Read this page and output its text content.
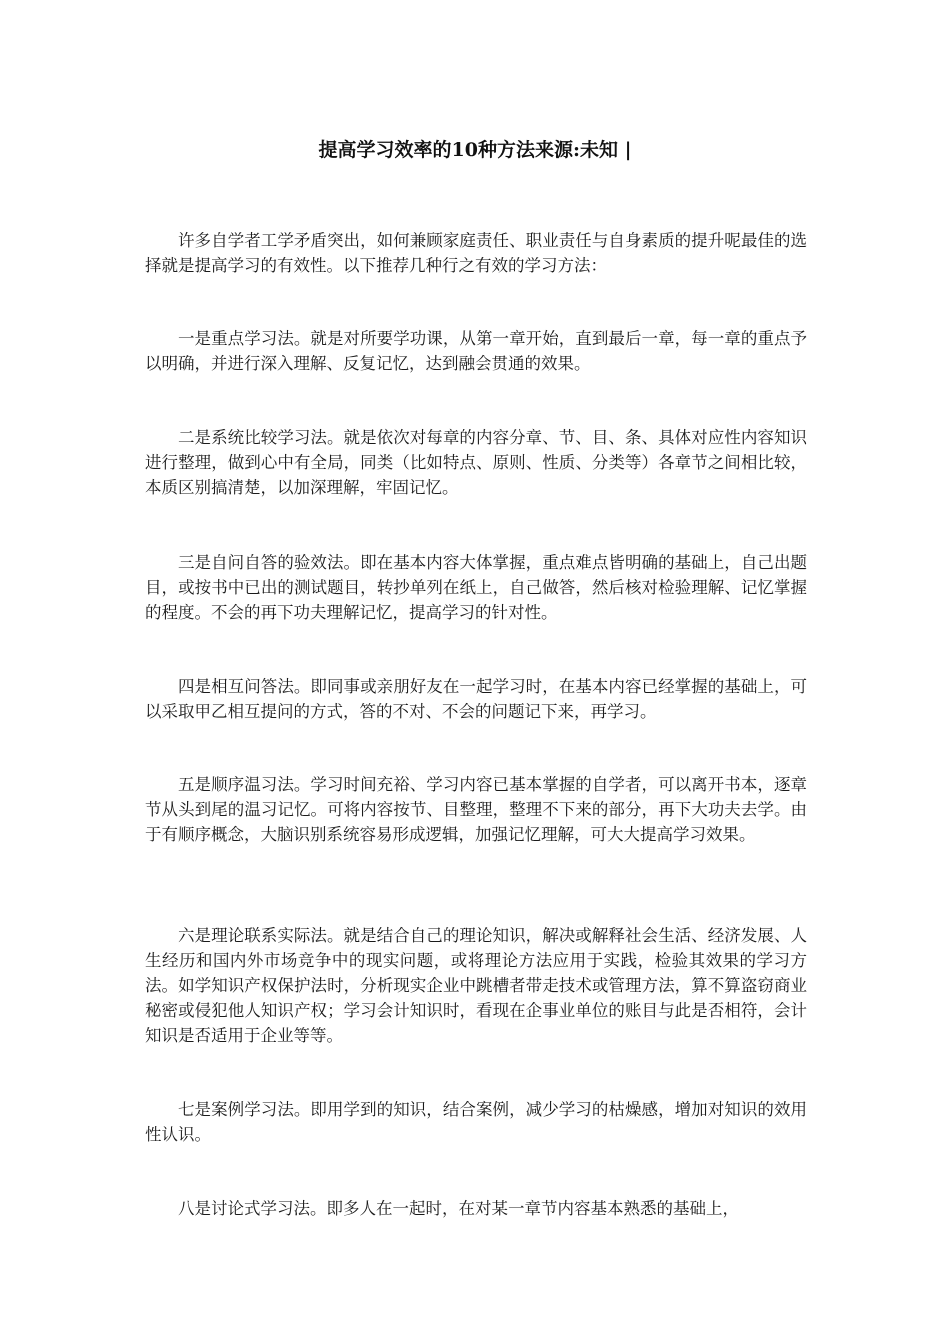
提高学习效率的10种方法来源:未知 |

许多自学者工学矛盾突出，如何兼顾家庭责任、职业责任与自身素质的提升呢最佳的选择就是提高学习的有效性。以下推荐几种行之有效的学习方法：

一是重点学习法。就是对所要学功课，从第一章开始，直到最后一章，每一章的重点予以明确，并进行深入理解、反复记忆，达到融会贯通的效果。

二是系统比较学习法。就是依次对每章的内容分章、节、目、条、具体对应性内容知识进行整理，做到心中有全局，同类（比如特点、原则、性质、分类等）各章节之间相比较，本质区别搞清楚，以加深理解，牢固记忆。

三是自问自答的验效法。即在基本内容大体掌握，重点难点皆明确的基础上，自己出题目，或按书中已出的测试题目，转抄单列在纸上，自己做答，然后核对检验理解、记忆掌握的程度。不会的再下功夫理解记忆，提高学习的针对性。

四是相互问答法。即同事或亲朋好友在一起学习时，在基本内容已经掌握的基础上，可以采取甲乙相互提问的方式，答的不对、不会的问题记下来，再学习。

五是顺序温习法。学习时间充裕、学习内容已基本掌握的自学者，可以离开书本，逐章节从头到尾的温习记忆。可将内容按节、目整理，整理不下来的部分，再下大功夫去学。由于有顺序概念，大脑识别系统容易形成逻辑，加强记忆理解，可大大提高学习效果。

六是理论联系实际法。就是结合自己的理论知识，解决或解释社会生活、经济发展、人生经历和国内外市场竞争中的现实问题，或将理论方法应用于实践，检验其效果的学习方法。如学知识产权保护法时，分析现实企业中跳槽者带走技术或管理方法，算不算盗窃商业秘密或侵犯他人知识产权；学习会计知识时，看现在企事业单位的账目与此是否相符，会计知识是否适用于企业等等。

七是案例学习法。即用学到的知识，结合案例，减少学习的枯燥感，增加对知识的效用性认识。

八是讨论式学习法。即多人在一起时，在对某一章节内容基本熟悉的基础上，
